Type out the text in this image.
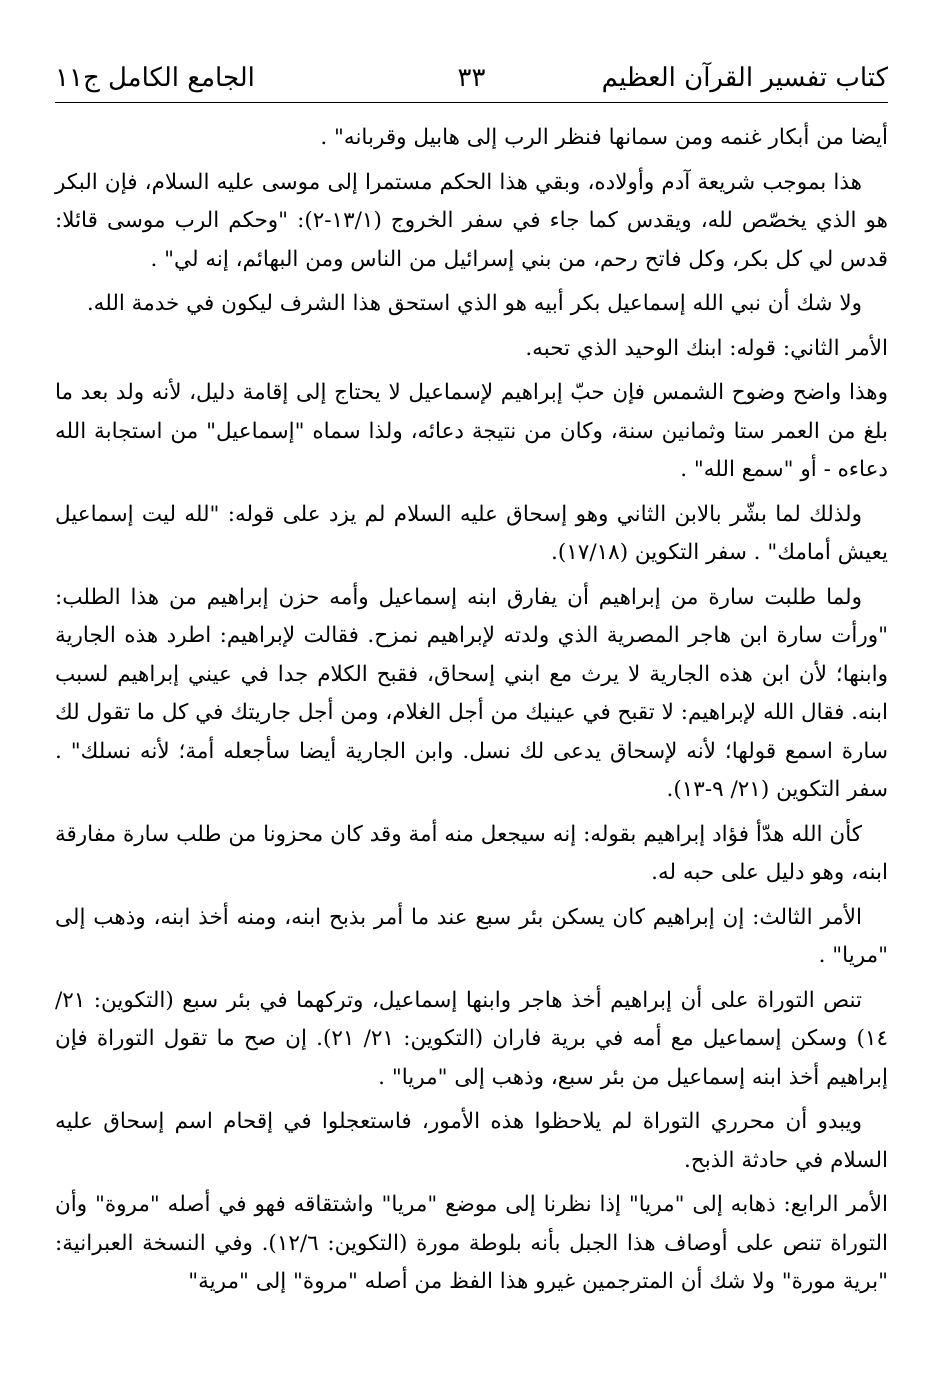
كتاب تفسير القرآن العظيم
٣٣
الجامع الكامل ج١١

أيضا من أبكار غنمه ومن سمانها فنظر الرب إلى هابيل وقربانه" .

هذا بموجب شريعة آدم وأولاده، وبقي هذا الحكم مستمرا إلى موسى عليه السلام، فإن البكر هو الذي يخصّص لله، ويقدس كما جاء في سفر الخروج (١٣/١-٢): "وحكم الرب موسى قائلا: قدس لي كل بكر، وكل فاتح رحم، من بني إسرائيل من الناس ومن البهائم، إنه لي" .

ولا شك أن نبي الله إسماعيل بكر أبيه هو الذي استحق هذا الشرف ليكون في خدمة الله.

الأمر الثاني: قوله: ابنك الوحيد الذي تحبه.

وهذا واضح وضوح الشمس فإن حبّ إبراهيم لإسماعيل لا يحتاج إلى إقامة دليل، لأنه ولد بعد ما بلغ من العمر ستا وثمانين سنة، وكان من نتيجة دعائه، ولذا سماه "إسماعيل" من استجابة الله دعاءه - أو "سمع الله" .

ولذلك لما بشّر بالابن الثاني وهو إسحاق عليه السلام لم يزد على قوله: "لله ليت إسماعيل يعيش أمامك" . سفر التكوين (١٧/١٨).

ولما طلبت سارة من إبراهيم أن يفارق ابنه إسماعيل وأمه حزن إبراهيم من هذا الطلب: "ورأت سارة ابن هاجر المصرية الذي ولدته لإبراهيم نمزح. فقالت لإبراهيم: اطرد هذه الجارية وابنها؛ لأن ابن هذه الجارية لا يرث مع ابني إسحاق، فقبح الكلام جدا في عيني إبراهيم لسبب ابنه. فقال الله لإبراهيم: لا تقبح في عينيك من أجل الغلام، ومن أجل جاريتك في كل ما تقول لك سارة اسمع قولها؛ لأنه لإسحاق يدعى لك نسل. وابن الجارية أيضا سأجعله أمة؛ لأنه نسلك" . سفر التكوين (٢١/ ٩-١٣).

كأن الله هدّأ فؤاد إبراهيم بقوله: إنه سيجعل منه أمة وقد كان محزونا من طلب سارة مفارقة ابنه، وهو دليل على حبه له.

الأمر الثالث: إن إبراهيم كان يسكن بئر سبع عند ما أمر بذبح ابنه، ومنه أخذ ابنه، وذهب إلى "مريا" .

تنص التوراة على أن إبراهيم أخذ هاجر وابنها إسماعيل، وتركهما في بئر سبع (التكوين: ٢١/ ١٤) وسكن إسماعيل مع أمه في برية فاران (التكوين: ٢١/ ٢١). إن صح ما تقول التوراة فإن إبراهيم أخذ ابنه إسماعيل من بئر سبع، وذهب إلى "مريا" .

ويبدو أن محرري التوراة لم يلاحظوا هذه الأمور، فاستعجلوا في إقحام اسم إسحاق عليه السلام في حادثة الذبح.

الأمر الرابع: ذهابه إلى "مريا" إذا نظرنا إلى موضع "مريا" واشتقاقه فهو في أصله "مروة" وأن التوراة تنص على أوصاف هذا الجبل بأنه بلوطة مورة (التكوين: ١٢/٦). وفي النسخة العبرانية: "برية مورة" ولا شك أن المترجمين غيرو هذا الفظ من أصله "مروة" إلى "مرية"
